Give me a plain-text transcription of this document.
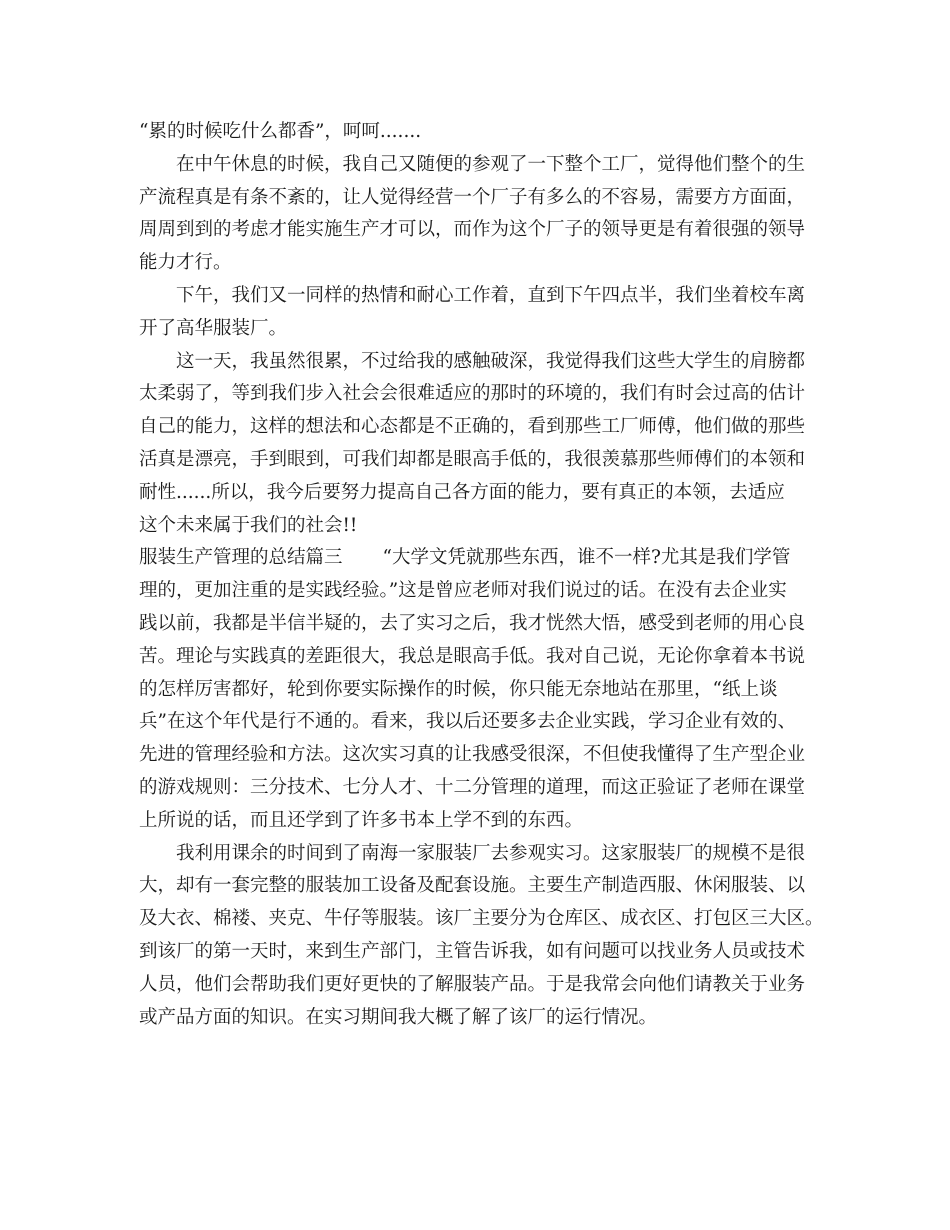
“累的时候吃什么都香”，呵呵.......
在中午休息的时候，我自己又随便的参观了一下整个工厂，觉得他们整个的生
产流程真是有条不紊的，让人觉得经营一个厂子有多么的不容易，需要方方面面，
周周到到的考虑才能实施生产才可以，而作为这个厂子的领导更是有着很强的领导
能力才行。
下午，我们又一同样的热情和耐心工作着，直到下午四点半，我们坐着校车离
开了高华服装厂。
这一天，我虽然很累，不过给我的感触破深，我觉得我们这些大学生的肩膀都
太柔弱了，等到我们步入社会会很难适应的那时的环境的，我们有时会过高的估计
自己的能力，这样的想法和心态都是不正确的，看到那些工厂师傅，他们做的那些
活真是漂亮，手到眼到，可我们却都是眼高手低的，我很羡慕那些师傅们的本领和
耐性......所以，我今后要努力提高自己各方面的能力，要有真正的本领，去适应
这个未来属于我们的社会!!
服装生产管理的总结篇三 “大学文凭就那些东西，谁不一样?尤其是我们学管
理的，更加注重的是实践经验。”这是曾应老师对我们说过的话。在没有去企业实
践以前，我都是半信半疑的，去了实习之后，我才恍然大悟，感受到老师的用心良
苦。理论与实践真的差距很大，我总是眼高手低。我对自己说，无论你拿着本书说
的怎样厉害都好，轮到你要实际操作的时候，你只能无奈地站在那里，“纸上谈
兵”在这个年代是行不通的。看来，我以后还要多去企业实践，学习企业有效的、
先进的管理经验和方法。这次实习真的让我感受很深，不但使我懂得了生产型企业
的游戏规则：三分技术、七分人才、十二分管理的道理，而这正验证了老师在课堂
上所说的话，而且还学到了许多书本上学不到的东西。
我利用课余的时间到了南海一家服装厂去参观实习。这家服装厂的规模不是很
大，却有一套完整的服装加工设备及配套设施。主要生产制造西服、休闲服装、以
及大衣、棉褛、夹克、牛仔等服装。该厂主要分为仓库区、成衣区、打包区三大区。
到该厂的第一天时，来到生产部门，主管告诉我，如有问题可以找业务人员或技术
人员，他们会帮助我们更好更快的了解服装产品。于是我常会向他们请教关于业务
或产品方面的知识。在实习期间我大概了解了该厂的运行情况。
